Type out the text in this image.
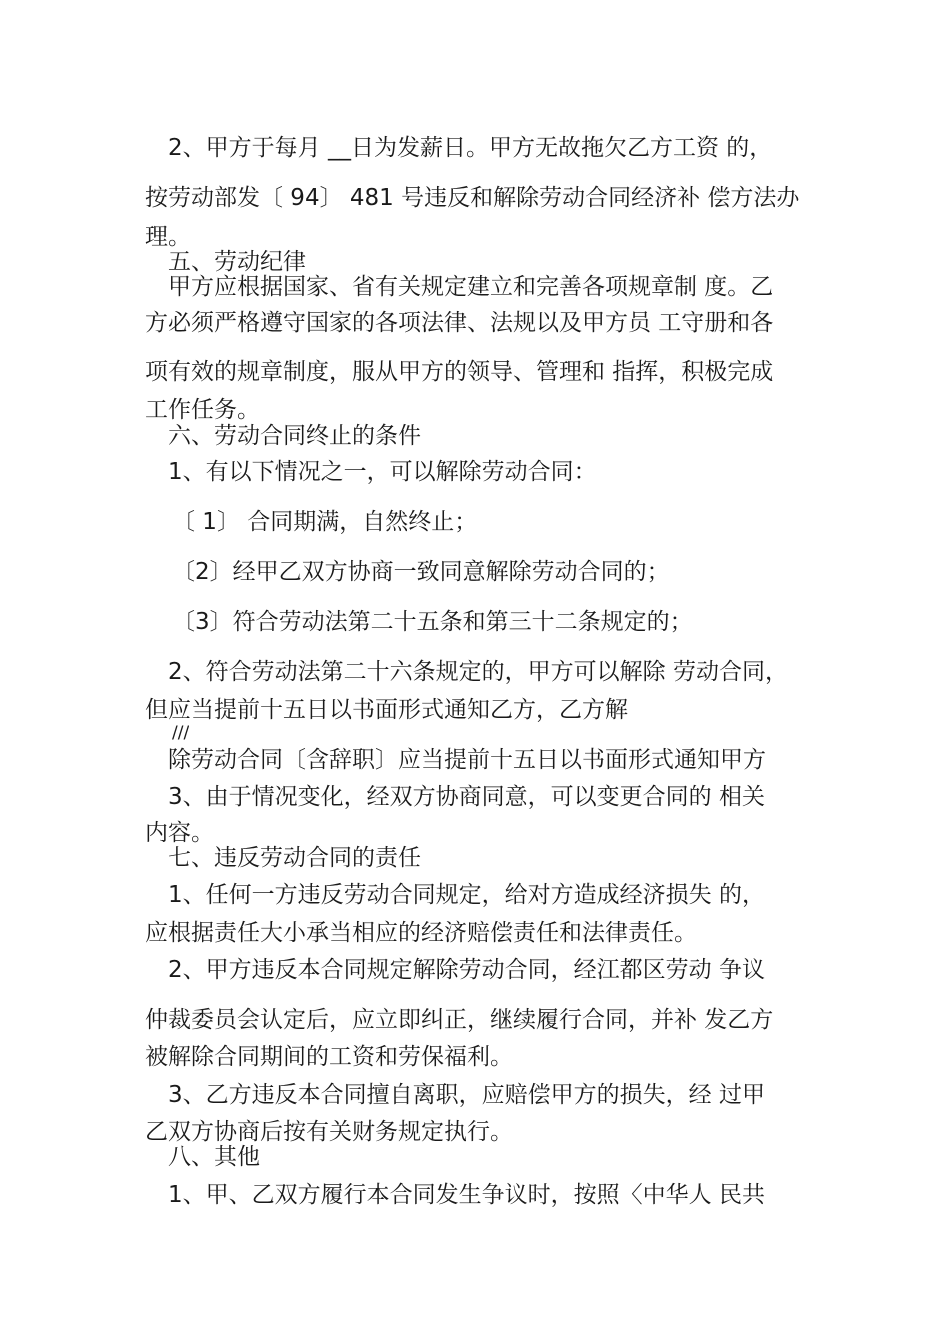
2、甲方于每月 __日为发薪日。甲方无故拖欠乙方工资 的，
按劳动部发〔 94〕 481 号违反和解除劳动合同经济补 偿方法办
理。
五、劳动纪律
甲方应根据国家、省有关规定建立和完善各项规章制 度。乙
方必须严格遵守国家的各项法律、法规以及甲方员 工守册和各
项有效的规章制度，服从甲方的领导、管理和 指挥，积极完成
工作任务。
六、劳动合同终止的条件
1、有以下情况之一，可以解除劳动合同：
〔 1〕 合同期满，自然终止；
〔2〕经甲乙双方协商一致同意解除劳动合同的；
〔3〕符合劳动法第二十五条和第三十二条规定的；
2、符合劳动法第二十六条规定的，甲方可以解除 劳动合同，
但应当提前十五日以书面形式通知乙方，乙方解
///
除劳动合同〔含辞职〕应当提前十五日以书面形式通知甲方
3、由于情况变化，经双方协商同意，可以变更合同的 相关
内容。
七、违反劳动合同的责任
1、任何一方违反劳动合同规定，给对方造成经济损失 的，
应根据责任大小承当相应的经济赔偿责任和法律责任。
2、甲方违反本合同规定解除劳动合同，经江都区劳动 争议
仲裁委员会认定后，应立即纠正，继续履行合同，并补 发乙方
被解除合同期间的工资和劳保福利。
3、乙方违反本合同擅自离职，应赔偿甲方的损失，经 过甲
乙双方协商后按有关财务规定执行。
八、其他
1、甲、乙双方履行本合同发生争议时，按照〈中华人 民共
